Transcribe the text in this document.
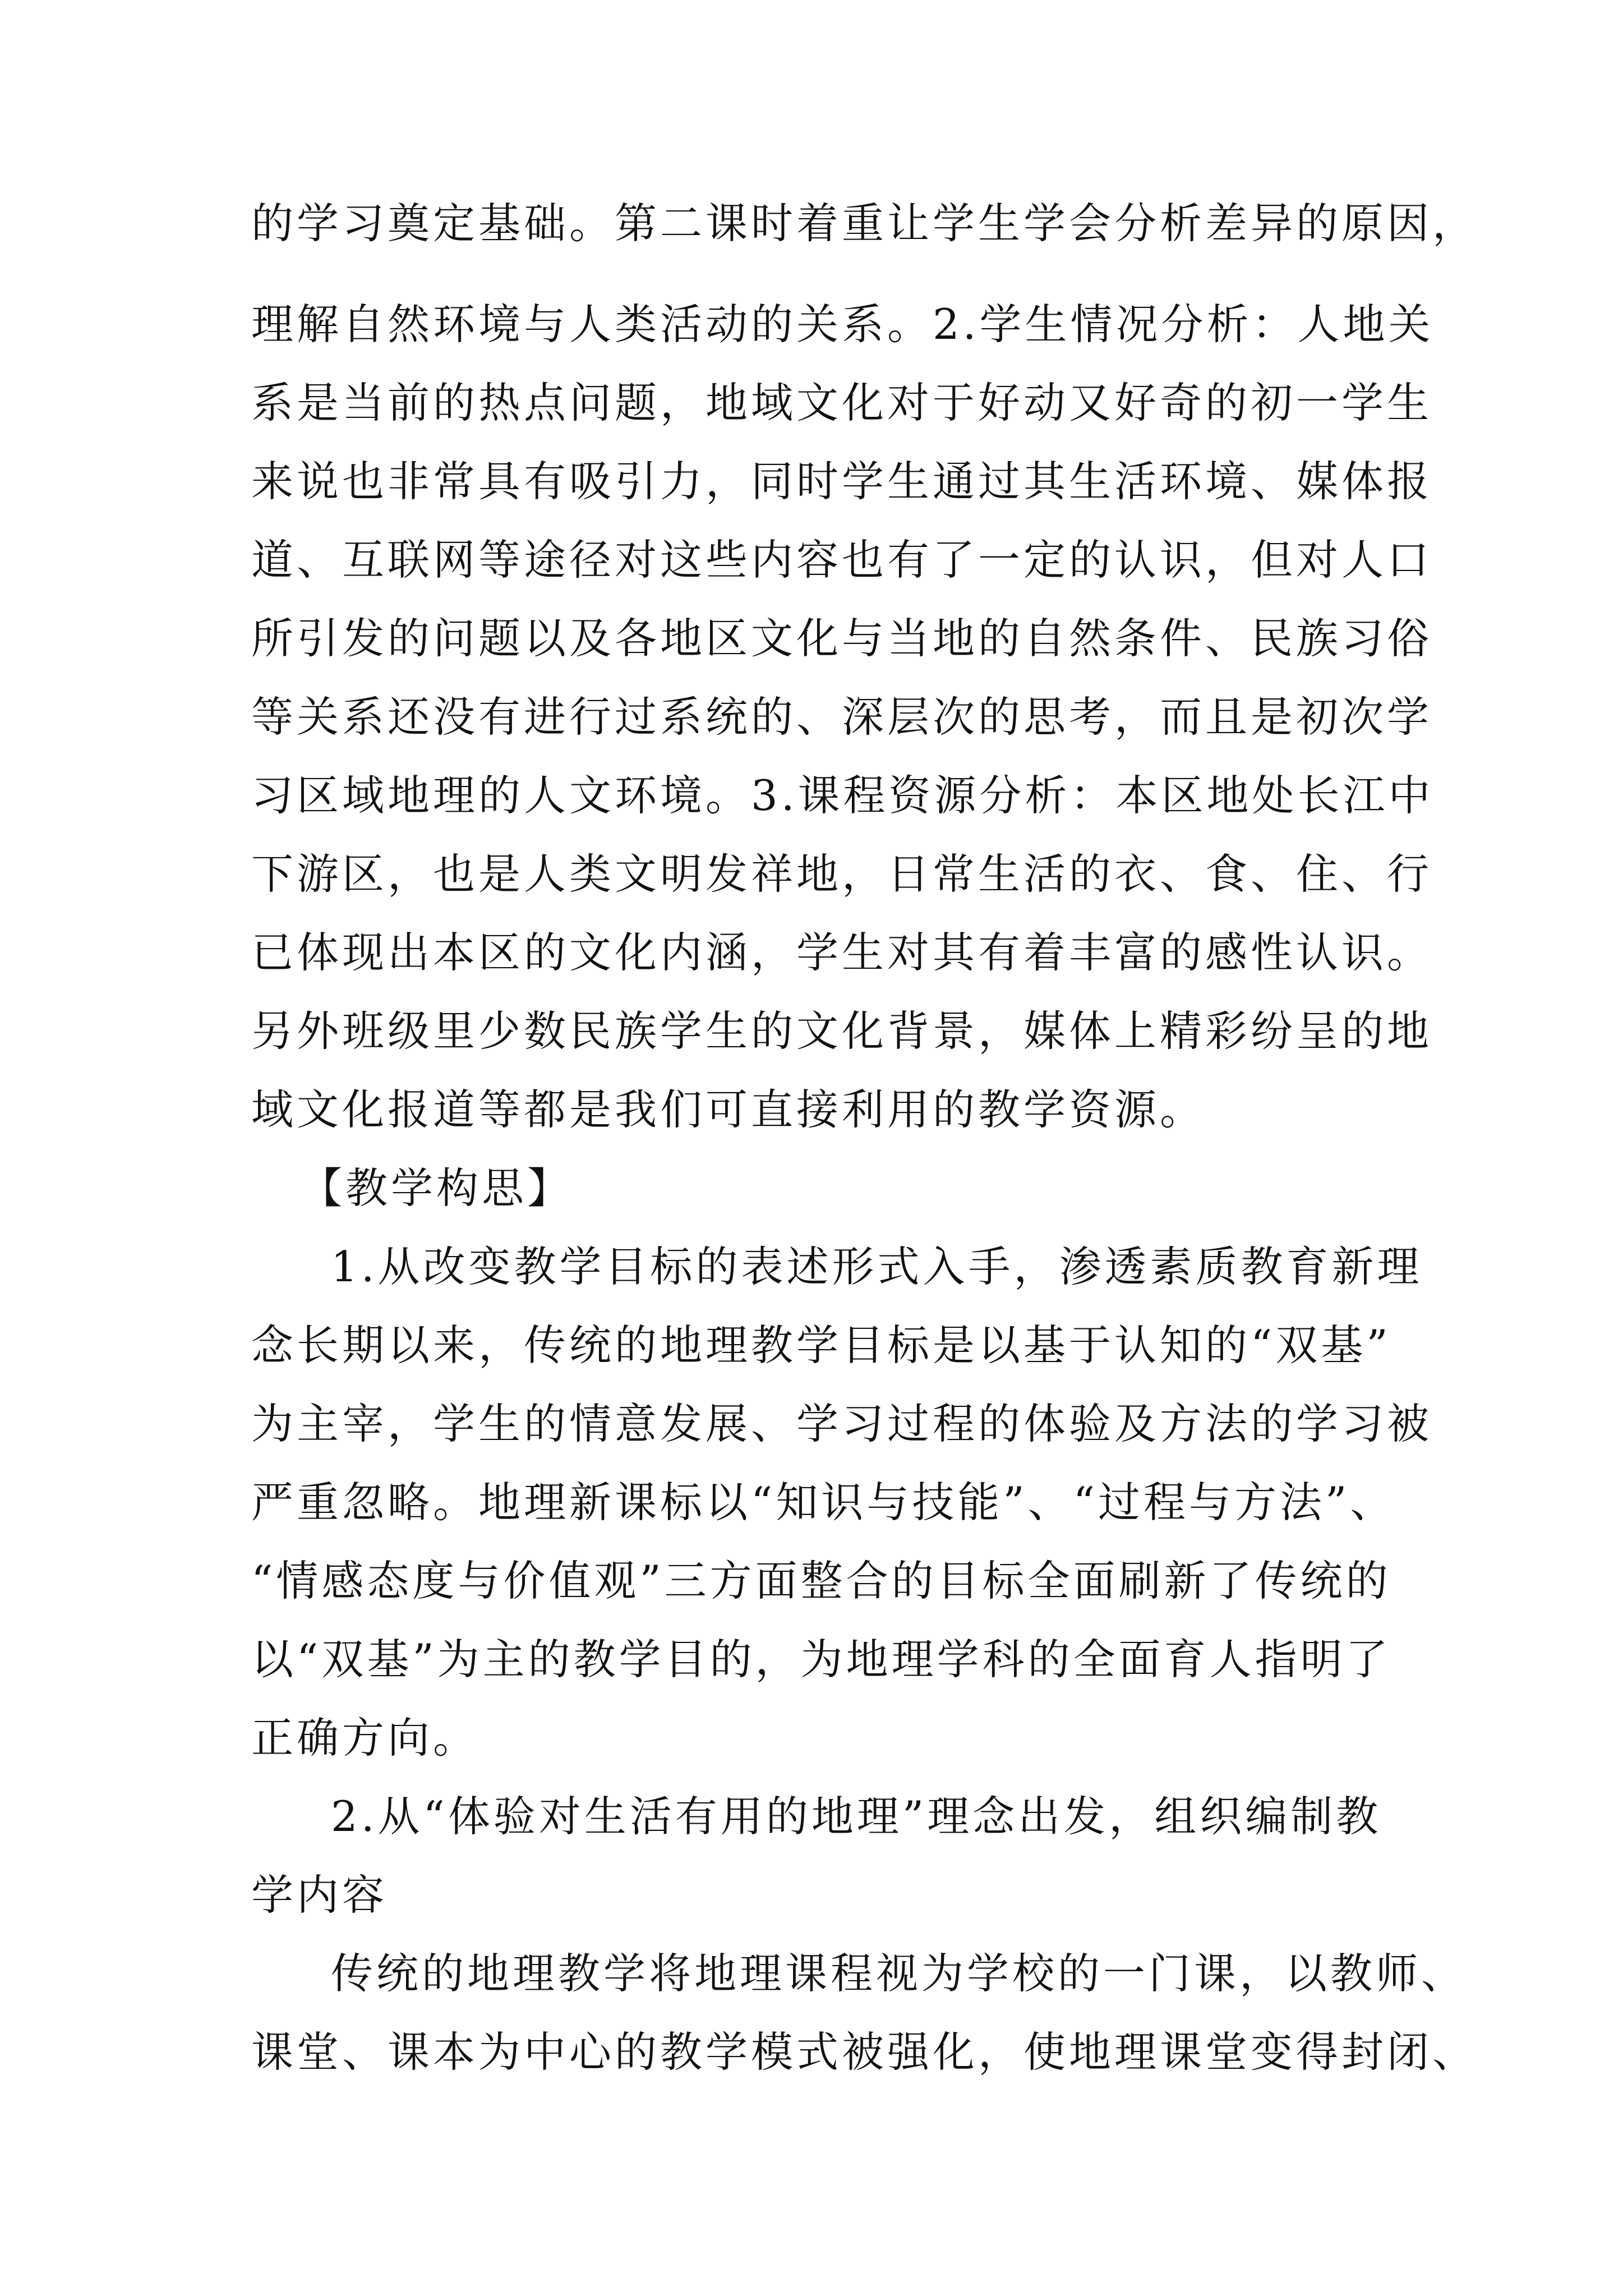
的学习奠定基础。第二课时着重让学生学会分析差异的原因，
理解自然环境与人类活动的关系。2.学生情况分析：人地关
系是当前的热点问题，地域文化对于好动又好奇的初一学生
来说也非常具有吸引力，同时学生通过其生活环境、媒体报
道、互联网等途径对这些内容也有了一定的认识，但对人口
所引发的问题以及各地区文化与当地的自然条件、民族习俗
等关系还没有进行过系统的、深层次的思考，而且是初次学
习区域地理的人文环境。3.课程资源分析：本区地处长江中
下游区，也是人类文明发祥地，日常生活的衣、食、住、行
已体现出本区的文化内涵，学生对其有着丰富的感性认识。
另外班级里少数民族学生的文化背景，媒体上精彩纷呈的地
域文化报道等都是我们可直接利用的教学资源。
【教学构思】
1.从改变教学目标的表述形式入手，渗透素质教育新理
念长期以来，传统的地理教学目标是以基于认知的“双基”
为主宰，学生的情意发展、学习过程的体验及方法的学习被
严重忽略。地理新课标以“知识与技能”、“过程与方法”、
“情感态度与价值观”三方面整合的目标全面刷新了传统的
以“双基”为主的教学目的，为地理学科的全面育人指明了
正确方向。
2.从“体验对生活有用的地理”理念出发，组织编制教
学内容
传统的地理教学将地理课程视为学校的一门课，以教师、
课堂、课本为中心的教学模式被强化，使地理课堂变得封闭、
